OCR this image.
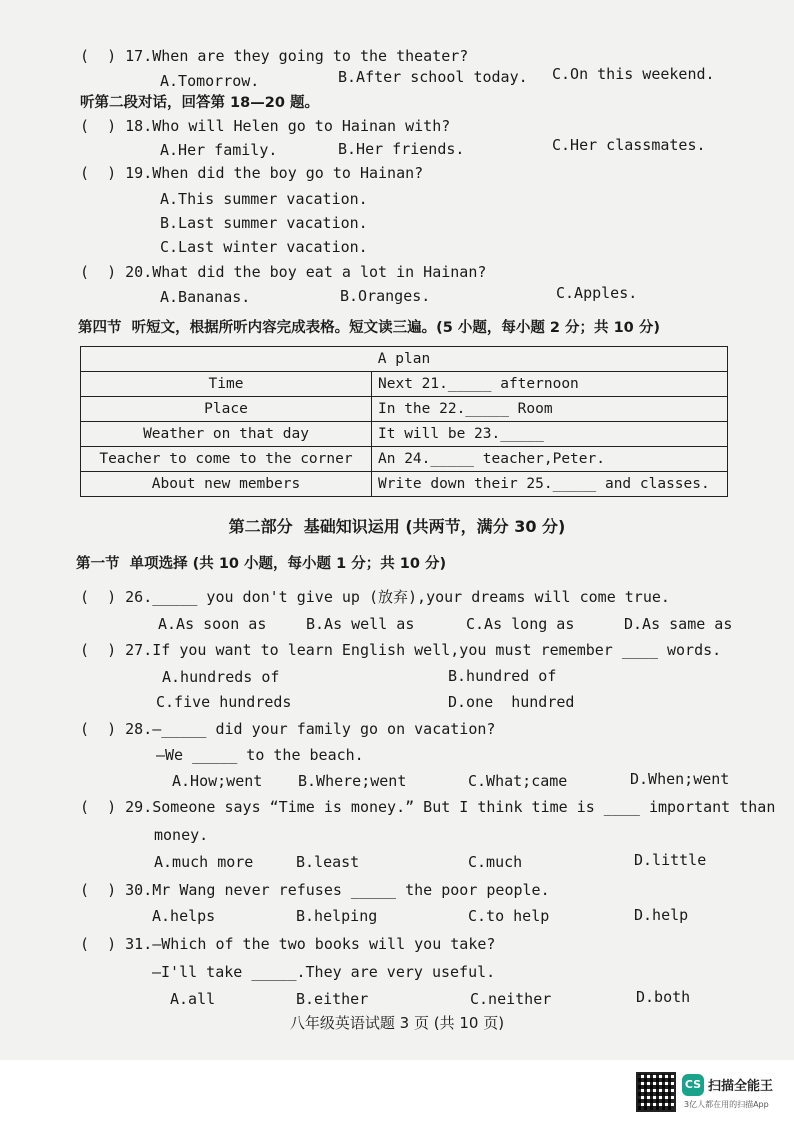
(  ) 17.When are they going to the theater?
A.Tomorrow.	B.After school today. C.On this weekend.
听第二段对话，回答第 18—20 题。
(  ) 18.Who will Helen go to Hainan with?
A.Her family.	B.Her friends.	C.Her classmates.
(  ) 19.When did the boy go to Hainan?
A.This summer vacation.
B.Last summer vacation.
C.Last winter vacation.
(  ) 20.What did the boy eat a lot in Hainan?
A.Bananas.	B.Oranges.	C.Apples.
第四节  听短文，根据所听内容完成表格。短文读三遍。(5 小题，每小题 2 分；共 10 分)
A plan	
Time	Next 21._____ afternoon
Place	In the 22._____ Room
Weather on that day	It will be 23._____
Teacher to come to the corner	An 24._____ teacher,Peter.
About new members	Write down their 25._____ and classes.
第二部分  基础知识运用 (共两节，满分 30 分)
第一节  单项选择 (共 10 小题，每小题 1 分；共 10 分)
(  ) 26._____ you don't give up (放弃),your dreams will come true.
A.As soon as	B.As well as	C.As long as	D.As same as
(  ) 27.If you want to learn English well,you must remember ____ words.
A.hundreds of	B.hundred of
C.five hundreds	D.one  hundred
(  ) 28.—_____ did your family go on vacation?
—We _____ to the beach.
A.How;went B.Where;went	C.What;came	D.When;went
(  ) 29.Someone says “Time is money.” But I think time is ____ important than
money.
A.much more	B.least	C.much	D.little
(  ) 30.Mr Wang never refuses _____ the poor people.
A.helps	B.helping	C.to help	D.help
(  ) 31.—Which of the two books will you take?
—I'll take _____.They are very useful.
A.all	B.either	C.neither	D.both
八年级英语试题 3 页 (共 10 页)
CS 扫描全能王
3亿人都在用的扫描App
